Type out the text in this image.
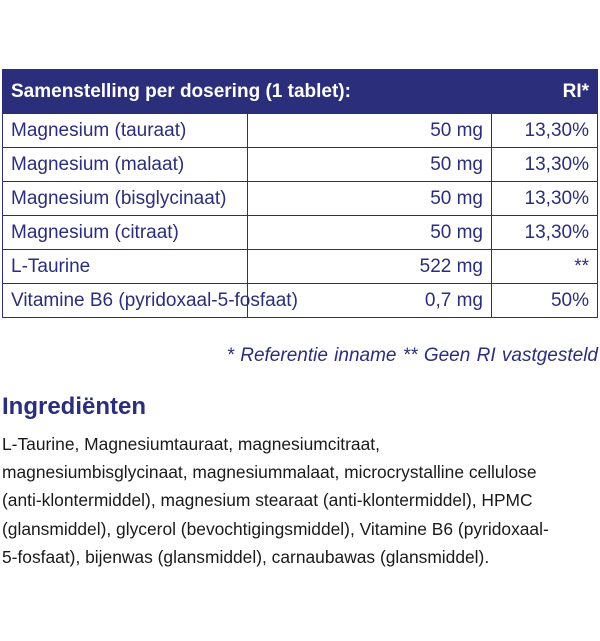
Samenstelling per dosering (1 tablet):		RI*
Magnesium (tauraat)	50 mg	13,30%
Magnesium (malaat)	50 mg	13,30%
Magnesium (bisglycinaat)	50 mg	13,30%
Magnesium (citraat)	50 mg	13,30%
L-Taurine	522 mg	**
Vitamine B6 (pyridoxaal-5-fosfaat)	0,7 mg	50%
* Referentie inname ** Geen RI vastgesteld
Ingrediënten

L-Taurine, Magnesiumtauraat, magnesiumcitraat,
magnesiumbisglycinaat, magnesiummalaat, microcrystalline cellulose
(anti-klontermiddel), magnesium stearaat (anti-klontermiddel), HPMC
(glansmiddel), glycerol (bevochtigingsmiddel), Vitamine B6 (pyridoxaal-
5-fosfaat), bijenwas (glansmiddel), carnaubawas (glansmiddel).
